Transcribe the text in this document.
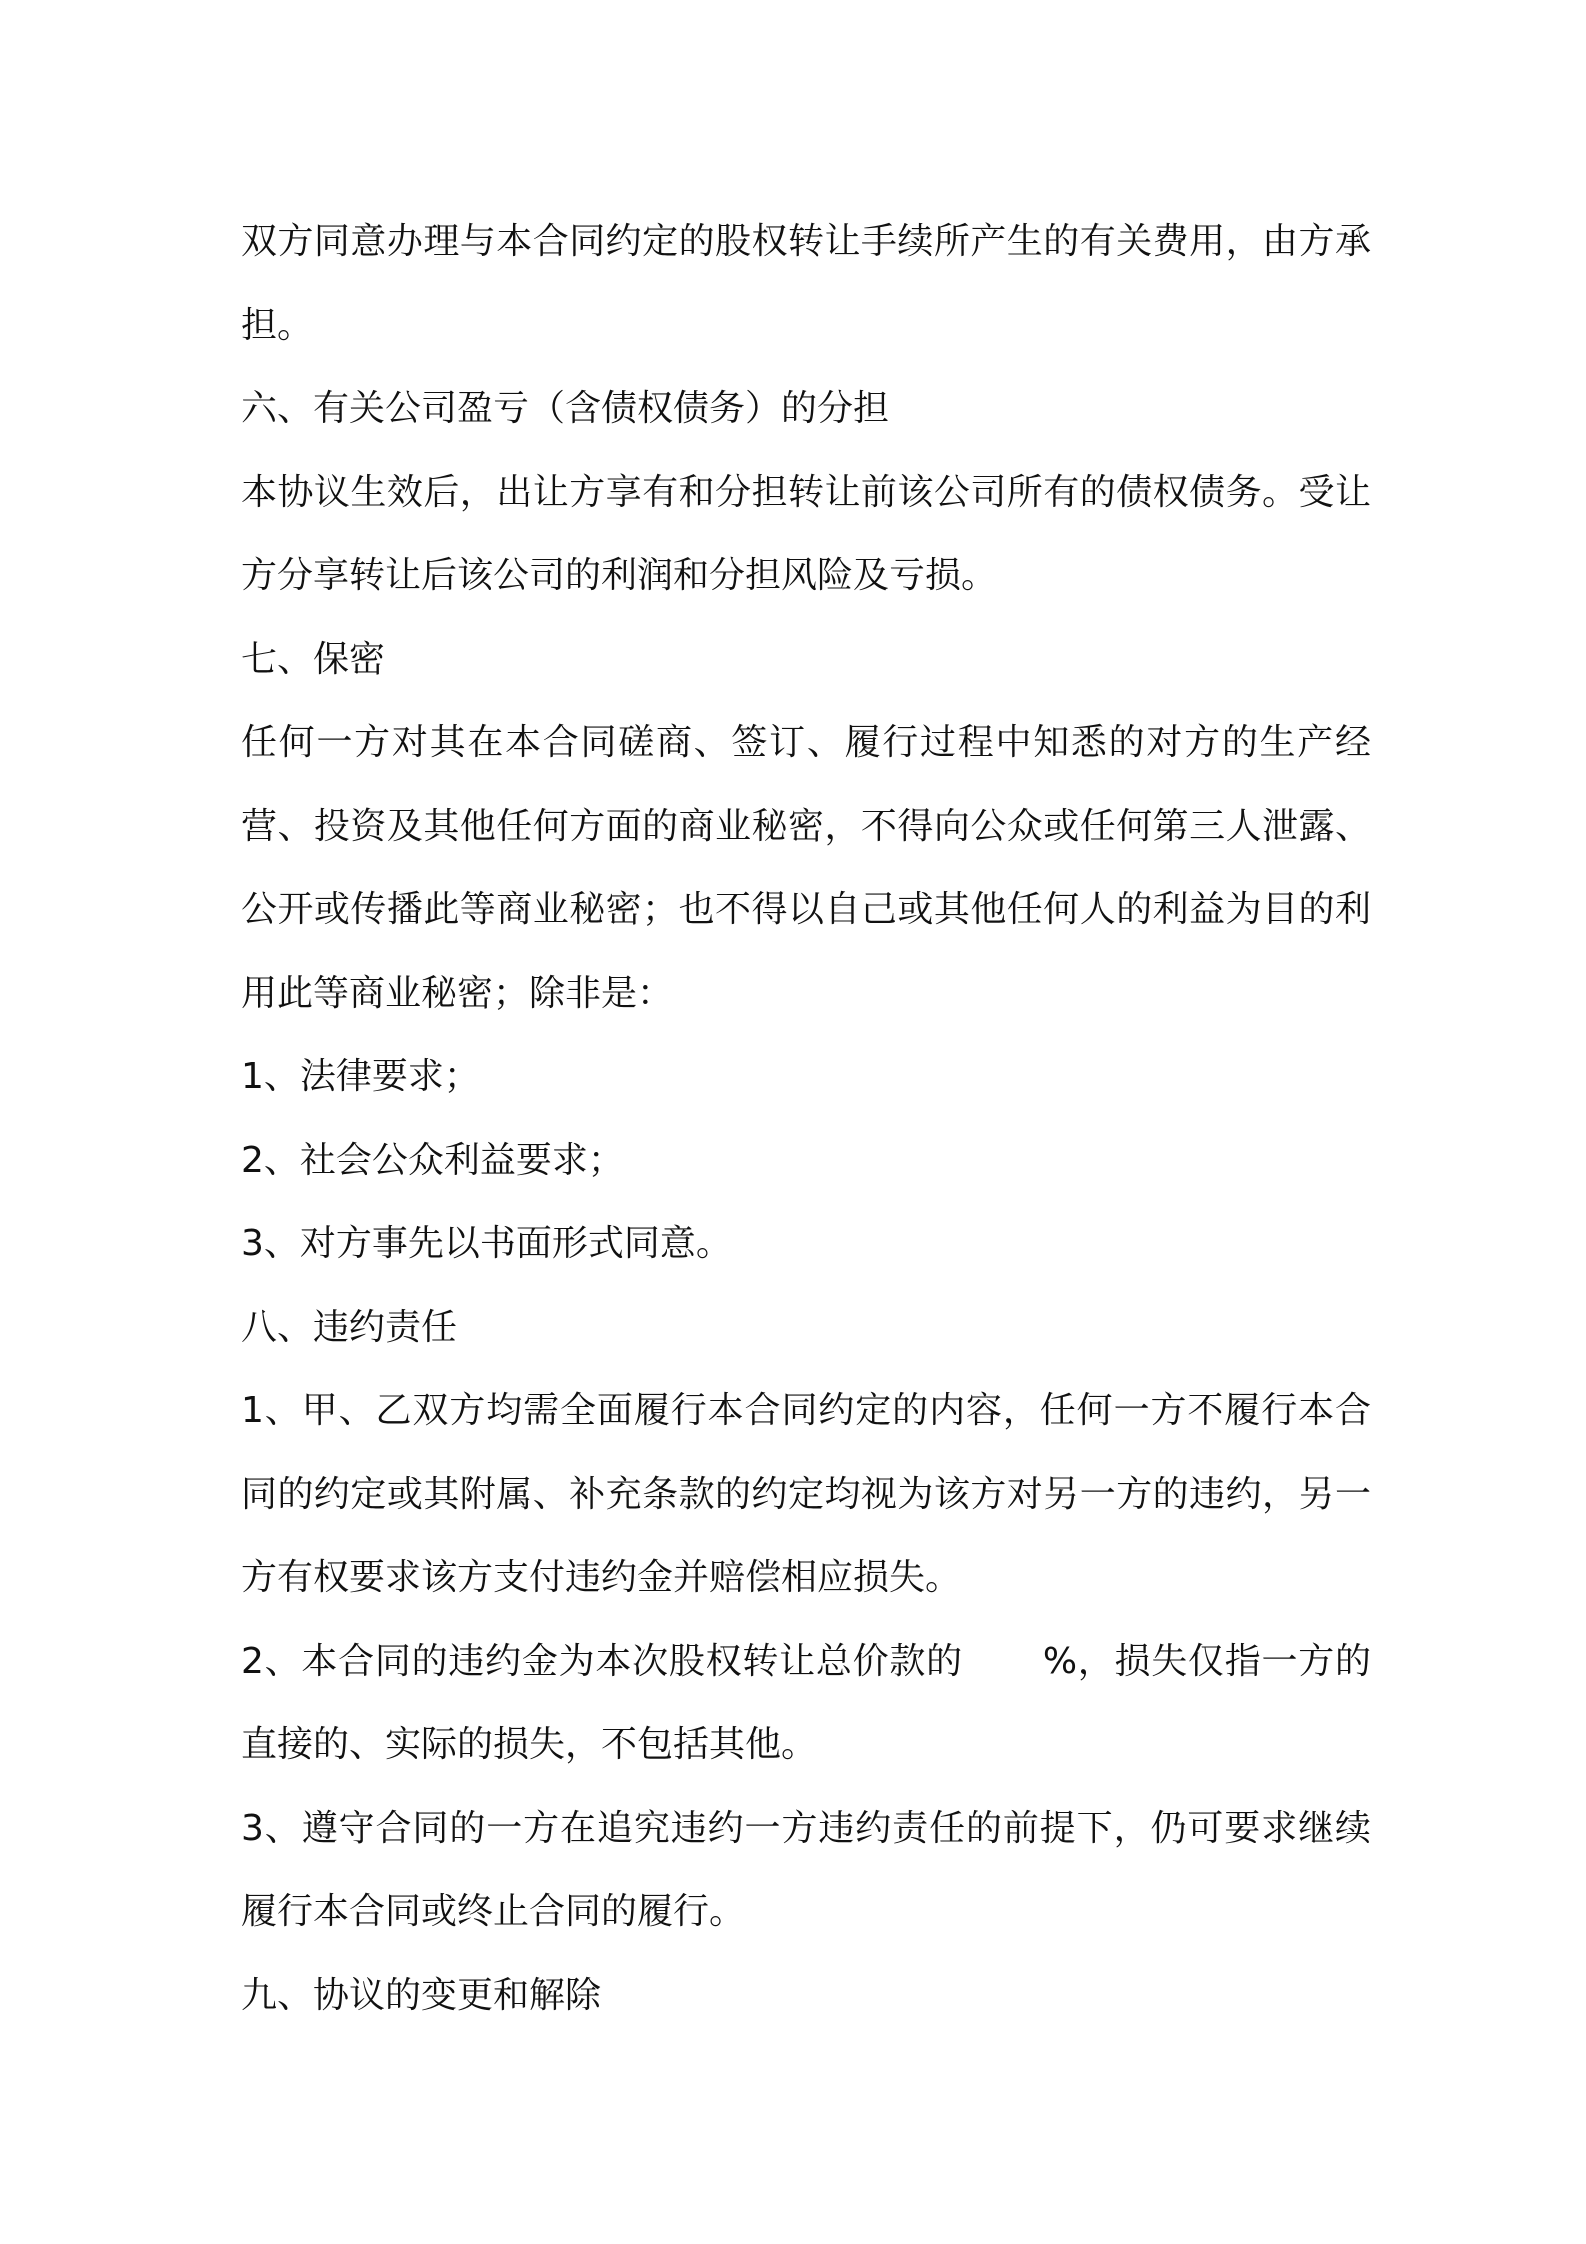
双方同意办理与本合同约定的股权转让手续所产生的有关费用，由方承担。

六、有关公司盈亏（含债权债务）的分担

本协议生效后，出让方享有和分担转让前该公司所有的债权债务。受让方分享转让后该公司的利润和分担风险及亏损。

七、保密

任何一方对其在本合同磋商、签订、履行过程中知悉的对方的生产经营、投资及其他任何方面的商业秘密，不得向公众或任何第三人泄露、公开或传播此等商业秘密；也不得以自己或其他任何人的利益为目的利用此等商业秘密；除非是：

1、法律要求；

2、社会公众利益要求；

3、对方事先以书面形式同意。

八、违约责任

1、甲、乙双方均需全面履行本合同约定的内容，任何一方不履行本合同的约定或其附属、补充条款的约定均视为该方对另一方的违约，另一方有权要求该方支付违约金并赔偿相应损失。

2、本合同的违约金为本次股权转让总价款的 %，损失仅指一方的直接的、实际的损失，不包括其他。

3、遵守合同的一方在追究违约一方违约责任的前提下，仍可要求继续履行本合同或终止合同的履行。

九、协议的变更和解除
